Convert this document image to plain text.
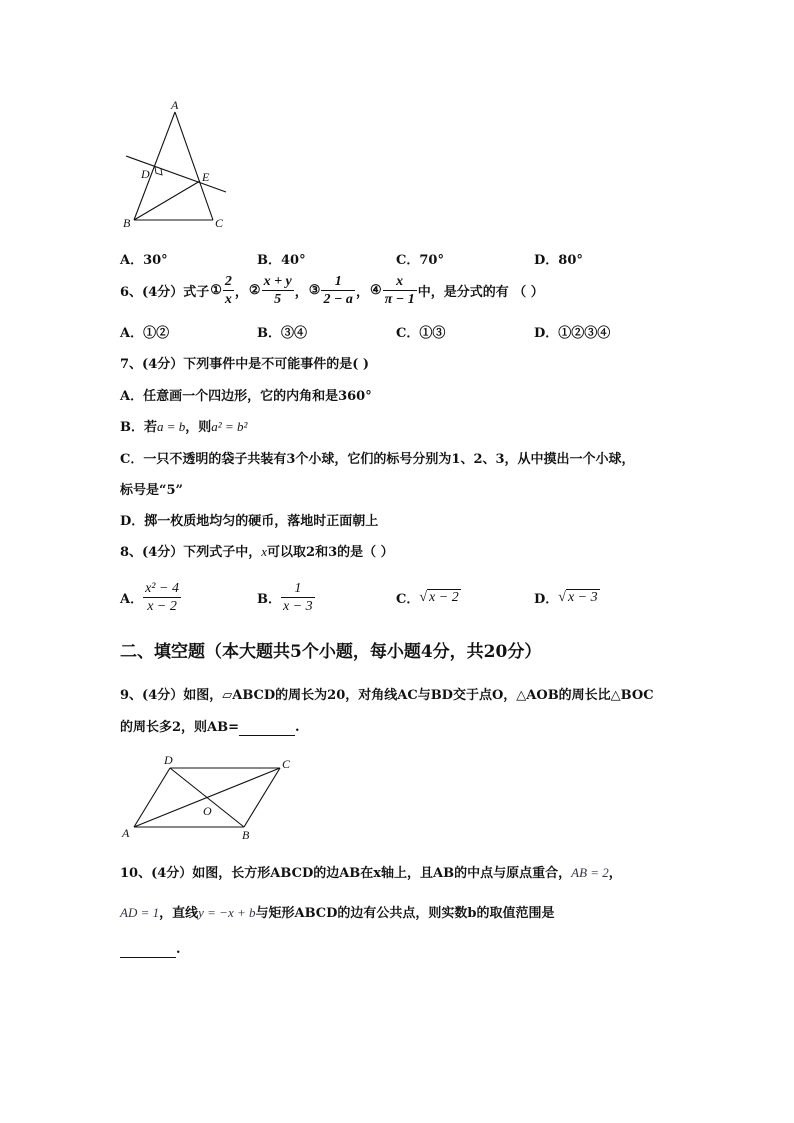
A
B	C
D	E
A．30°	B．40°	C．70°	D．80°
6、(4分）式子 ① $\frac{2}{x}$ ， ② $\frac{x + y}{5}$ ， ③ $\frac{1}{2 - a}$ ， ④ $\frac{x}{\pi - 1}$ 中，是分式的有 （ ）
A．①②	B．③④	C．①③	D．①②③④
7、(4分）下列事件中是不可能事件的是( )
A．任意画一个四边形，它的内角和是360°
B．若a = b，则a² = b²
C．一只不透明的袋子共装有3个小球，它们的标号分别为1、2、3，从中摸出一个小球，
标号是“5”
D．掷一枚质地均匀的硬币，落地时正面朝上
8、(4分）下列式子中，x可以取2和3的是（ ）
A． $\frac{\text{x² − 4}}{x - 2}$	B． $\frac{1}{x - 3}$	C． √ x − 2	D． √ x − 3
二、填空题（本大题共5个小题，每小题4分，共20分）
9、(4分）如图，▱ABCD的周长为20，对角线AC与BD交于点O，△AOB的周长比△BOC
的周长多2，则AB=	.
A	B
C
D
O
10、(4分）如图，长方形ABCD的边AB在x轴上，且AB的中点与原点重合，AB = 2，
AD = 1，直线y = −x + b与矩形ABCD的边有公共点，则实数b的取值范围是
.
